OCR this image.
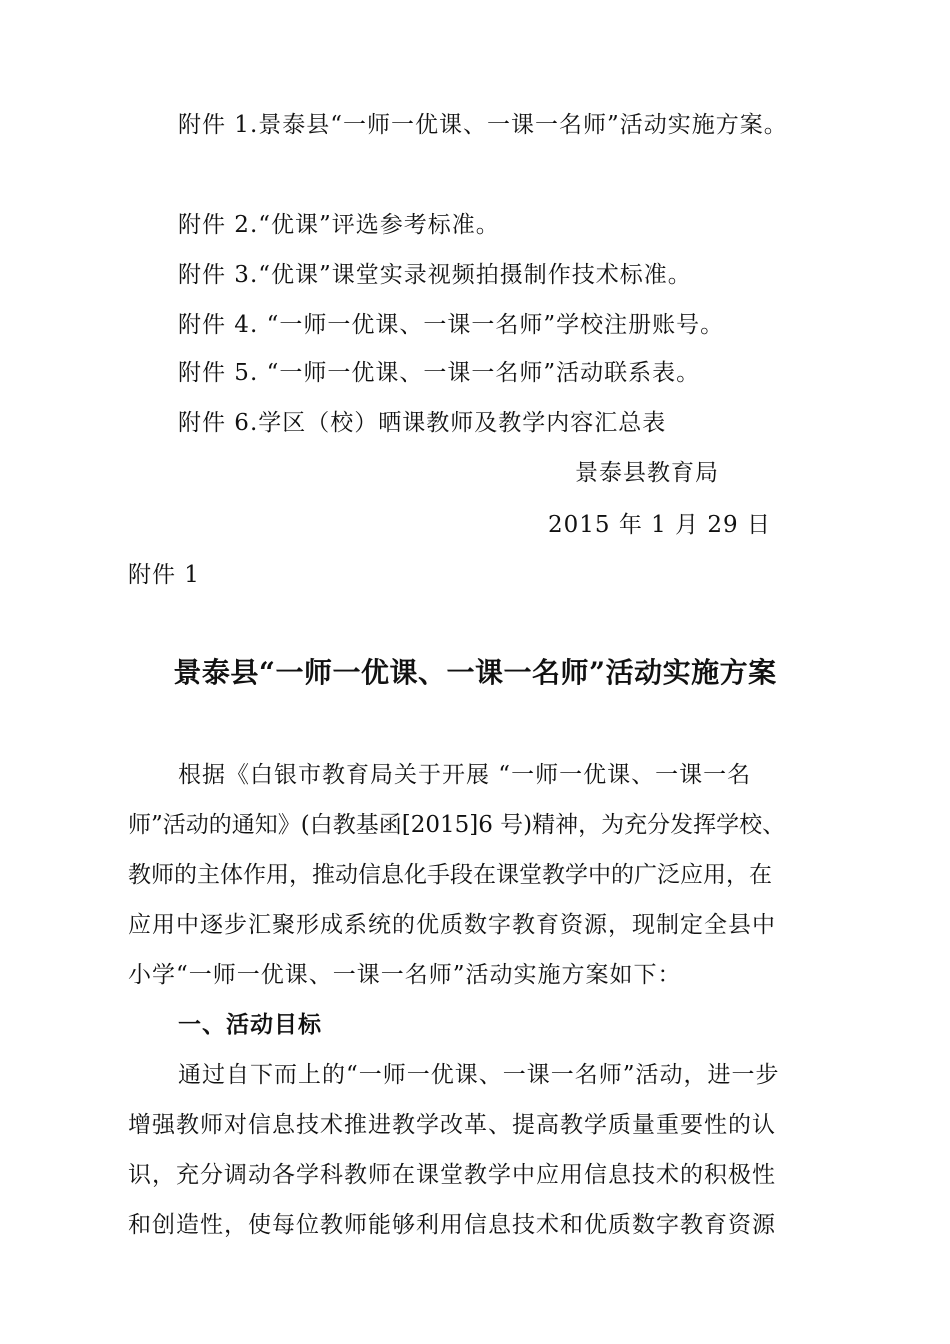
附件 1.景泰县“一师一优课、一课一名师”活动实施方案。
附件 2.“优课”评选参考标准。
附件 3.“优课”课堂实录视频拍摄制作技术标准。
附件 4. “一师一优课、一课一名师”学校注册账号。
附件 5. “一师一优课、一课一名师”活动联系表。
附件 6.学区（校）晒课教师及教学内容汇总表
景泰县教育局
2015 年 1 月 29 日
附件 1
景泰县“一师一优课、一课一名师”活动实施方案
根据《白银市教育局关于开展 “一师一优课、一课一名
师”活动的通知》(白教基函[2015]6 号)精神，为充分发挥学校、
教师的主体作用，推动信息化手段在课堂教学中的广泛应用，在
应用中逐步汇聚形成系统的优质数字教育资源，现制定全县中
小学“一师一优课、一课一名师”活动实施方案如下：
一、活动目标
通过自下而上的“一师一优课、一课一名师”活动，进一步
增强教师对信息技术推进教学改革、提高教学质量重要性的认
识，充分调动各学科教师在课堂教学中应用信息技术的积极性
和创造性，使每位教师能够利用信息技术和优质数字教育资源
